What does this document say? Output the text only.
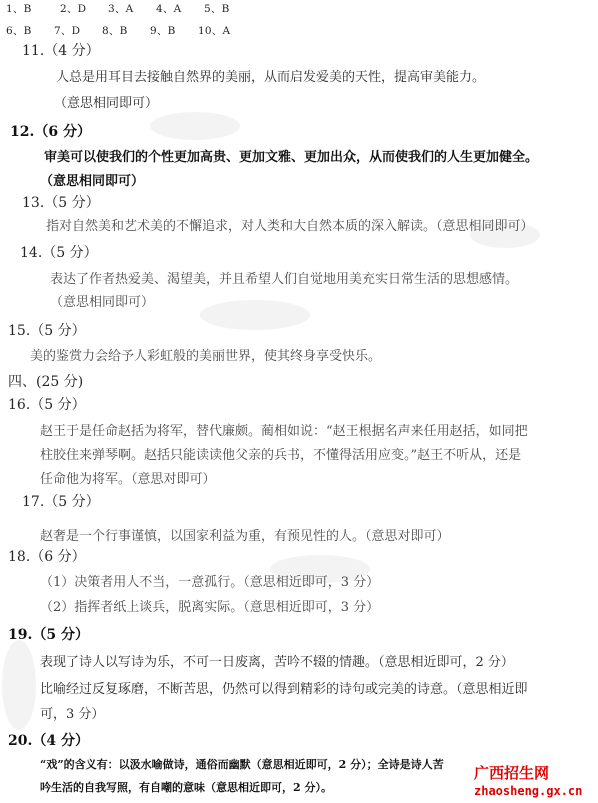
1、B	2、D 3、A 4、A 5、B
6、B 7、D 8、B 9、B 10、A
11.（4 分）
人总是用耳目去接触自然界的美丽，从而启发爱美的天性，提高审美能力。
（意思相同即可）
12.（6 分）
审美可以使我们的个性更加高贵、更加文雅、更加出众，从而使我们的人生更加健全。
（意思相同即可）
13.（5 分）
指对自然美和艺术美的不懈追求，对人类和大自然本质的深入解读。（意思相同即可）
14.（5 分）
表达了作者热爱美、渴望美，并且希望人们自觉地用美充实日常生活的思想感情。
（意思相同即可）
15.（5 分）
美的鉴赏力会给予人彩虹般的美丽世界，使其终身享受快乐。
四、(25 分)
16.（5 分）
赵王于是任命赵括为将军，替代廉颇。蔺相如说：“赵王根据名声来任用赵括，如同把
柱胶住来弹琴啊。赵括只能读读他父亲的兵书，不懂得活用应变。”赵王不听从，还是
任命他为将军。（意思对即可）
17.（5 分）
赵奢是一个行事谨慎，以国家利益为重，有预见性的人。（意思对即可）
18.（6 分）
（1）决策者用人不当，一意孤行。（意思相近即可，3 分）
（2）指挥者纸上谈兵，脱离实际。（意思相近即可，3 分）
19.（5 分）
表现了诗人以写诗为乐，不可一日废离，苦吟不辍的情趣。（意思相近即可，2 分）
比喻经过反复琢磨，不断苦思，仍然可以得到精彩的诗句或完美的诗意。（意思相近即
可，3 分）
20.（4 分）
“戏”的含义有：以汲水喻做诗，通俗而幽默（意思相近即可，2 分）；全诗是诗人苦
吟生活的自我写照，有自嘲的意味（意思相近即可，2 分）。
广西招生网
zhaosheng.gx.cn
